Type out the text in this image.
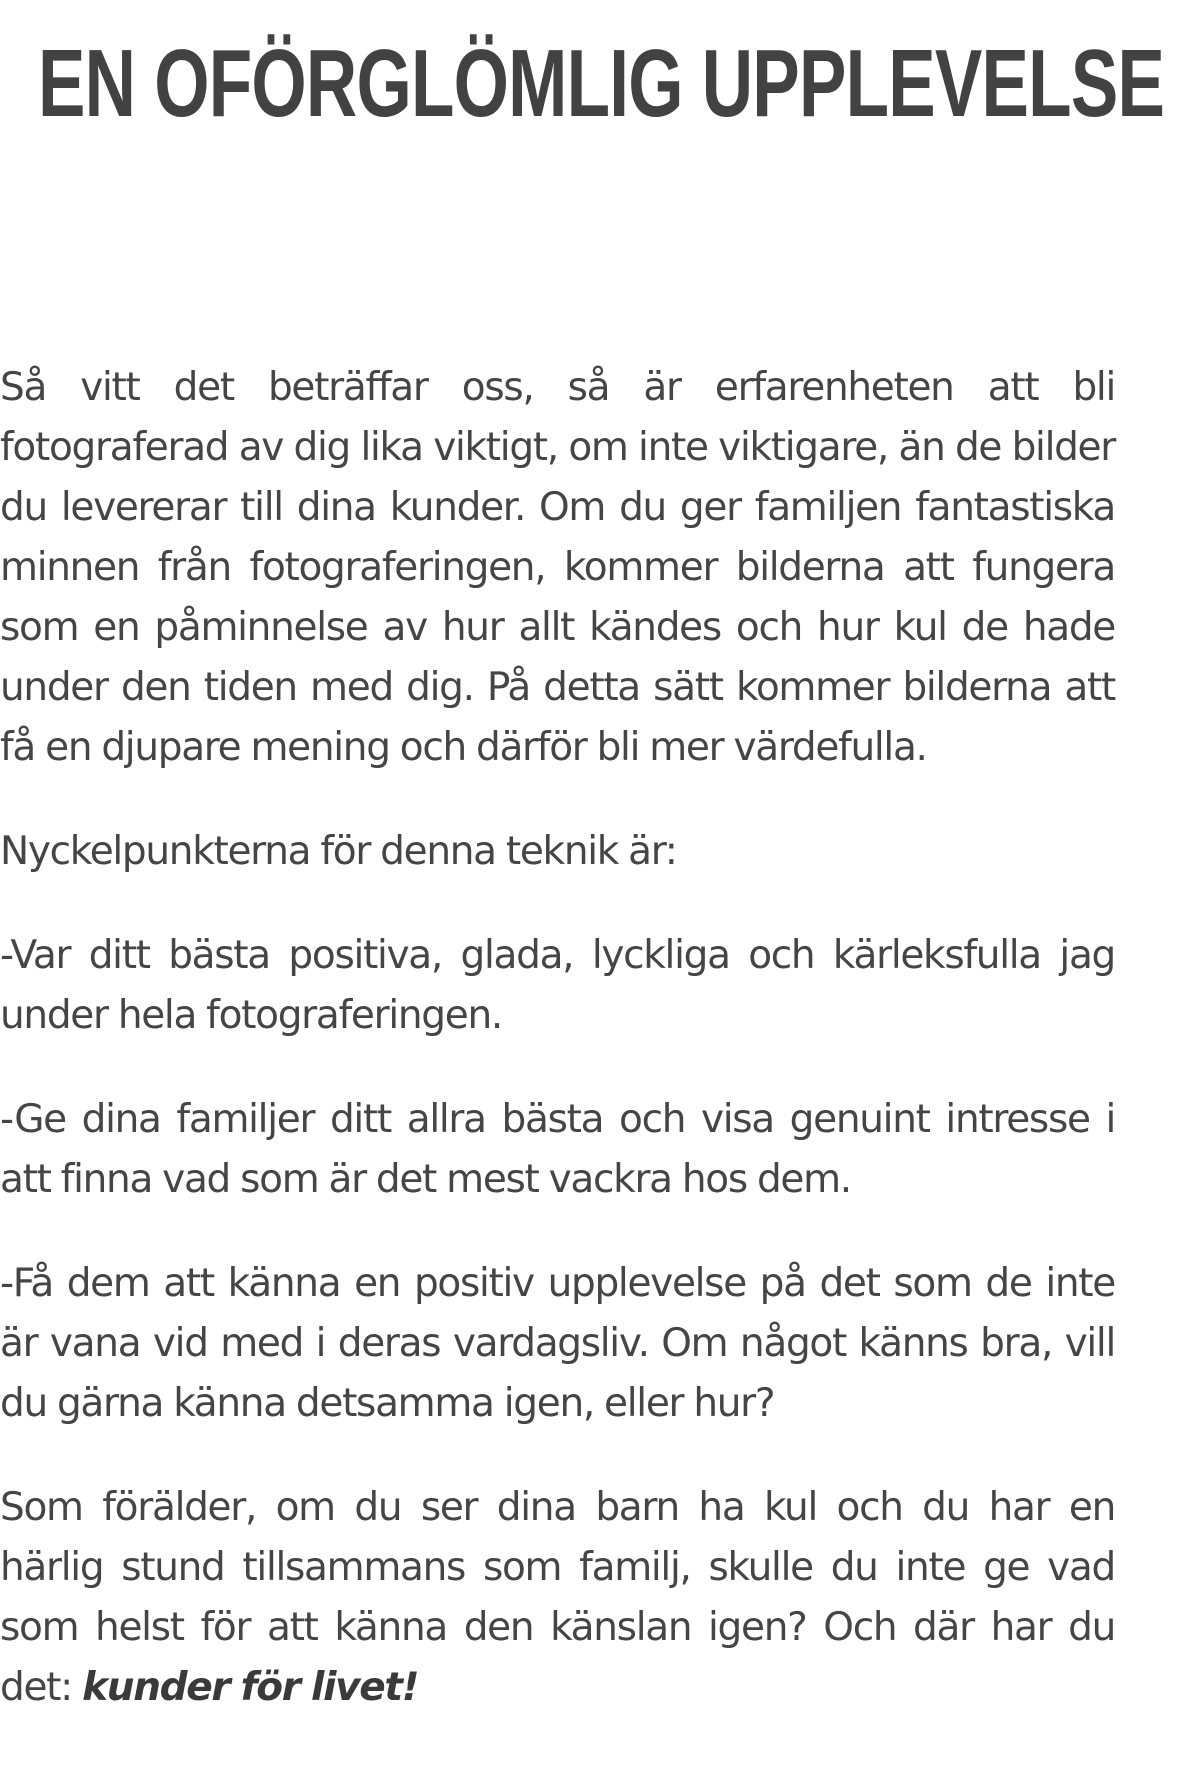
EN OFÖRGLÖMLIG UPPLEVELSE

Så vitt det beträffar oss, så är erfarenheten att bli fotograferad av dig lika viktigt, om inte viktigare, än de bilder du levererar till dina kunder. Om du ger familjen fantastiska minnen från fotograferingen, kommer bilderna att fungera som en påminnelse av hur allt kändes och hur kul de hade under den tiden med dig. På detta sätt kommer bilderna att få en djupare mening och därför bli mer värdefulla.

Nyckelpunkterna för denna teknik är:

-Var ditt bästa positiva, glada, lyckliga och kärleksfulla jag under hela fotograferingen.

-Ge dina familjer ditt allra bästa och visa genuint intresse i att finna vad som är det mest vackra hos dem.

-Få dem att känna en positiv upplevelse på det som de inte är vana vid med i deras vardagsliv. Om något känns bra, vill du gärna känna detsamma igen, eller hur?

Som förälder, om du ser dina barn ha kul och du har en härlig stund tillsammans som familj, skulle du inte ge vad som helst för att känna den känslan igen? Och där har du det: kunder för livet!
